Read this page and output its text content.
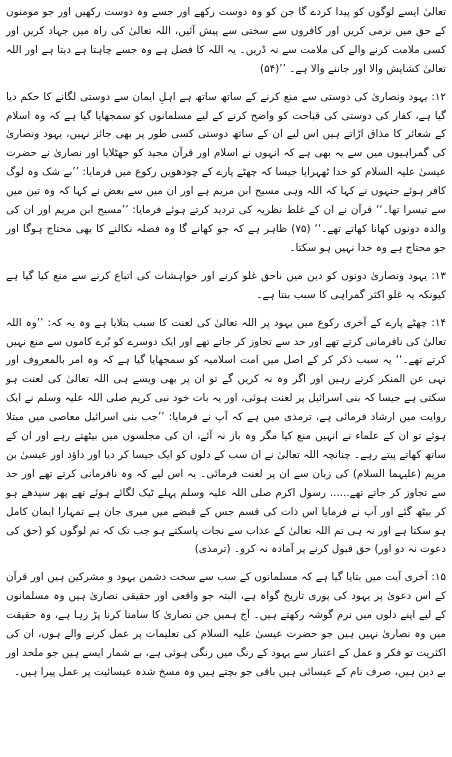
تعالیٰ ایسے لوگوں کو پیدا کردے گا جن کو وہ دوست رکھے اور جسے وہ دوست رکھیں اور جو مومنوں کے حق میں نرمی کریں اور کافروں سے سختی سے پیش آئیں، اللہ تعالیٰ کی راہ میں جہاد کریں اور کسی ملامت کرنے والے کی ملامت سے نہ ڈریں۔ یہ اللہ کا فضل ہے وہ جسے چاہتا ہے دیتا ہے اور اللہ تعالیٰ کشایش والا اور جاننے والا ہے۔ ’’(۵۴)

۱۲: یہود ونصاریٰ کی دوستی سے منع کرنے کے ساتھ ساتھ ہے اہلِ ایمان سے دوستی لگانے کا حکم دیا گیا ہے، کفار کی دوستی کی قباحت کو واضح کرنے کے لیے مسلمانوں کو سمجھایا گیا ہے کہ وہ اسلام کے شعائر کا مذاق اڑاتے ہیں اس لیے ان کے ساتھ دوستی کسی طور پر بھی جائز نہیں، یہود ونصاریٰ کی گمراہیوں میں سے یہ بھی ہے کہ انہوں نے اسلام اور قرآن مجید کو جھٹلایا اور نصاریٰ نے حضرت عیسیٰ علیہ السلام کو خدا ٹھہرایا جیسا کہ چھٹے پارے کے چودھویں رکوع میں فرمایا: ’’بے شک وہ لوگ کافر ہوئے جنہوں نے کہا کہ اللہ وہی مسیح ابن مریم ہے اور ان میں سے بعض نے کہا کہ وہ تین میں سے تیسرا تھا۔‘‘ قرآن نے ان کے غلط نظریہ کی تردید کرتے ہوئے فرمایا: ’’مسیح ابن مریم اور ان کی والدہ دونوں کھانا کھاتے تھے۔‘‘ (۷۵) ظاہر ہے کہ جو کھانے گا وہ فضلہ نکالنے کا بھی محتاج ہوگا اور جو محتاج ہے وہ خدا نہیں ہو سکتا۔

۱۳: یہود ونصاریٰ دونوں کو دین میں ناحق غلو کرنے اور خواہشات کی اتباع کرنے سے منع کیا گیا ہے کیونکہ یہ غلو اکثر گمراہی کا سبب بنتا ہے۔

۱۴: چھٹے پارے کے آخری رکوع میں یہود پر اللہ تعالیٰ کی لعنت کا سبب بتلایا ہے وہ یہ کہ: ’’وہ اللہ تعالیٰ کی نافرمانی کرتے تھے اور حد سے تجاوز کر جاتے تھے اور ایک دوسرے کو بُرے کاموں سے منع نہیں کرتے تھے۔‘‘ یہ سبب ذکر کر کے اصل میں امت اسلامیہ کو سمجھایا گیا ہے کہ وہ امر بالمعروف اور نہی عن المنکر کرتے رہیں اور اگر وہ نہ کریں گے تو ان پر بھی ویسے ہی اللہ تعالیٰ کی لعنت ہو سکتی ہے جیسا کہ بنی اسرائیل پر لعنت ہوئی، اور یہ بات خود نبی کریم صلی اللہ علیہ وسلم نے ایک روایت میں ارشاد فرمائی ہے، ترمذی میں ہے کہ آپ نے فرمایا: ’’جب بنی اسرائیل معاصی میں مبتلا ہوئے تو ان کے علماء نے انہیں منع کیا مگر وہ باز نہ آئے، ان کی مجلسوں میں بیٹھتے رہے اور ان کے ساتھ کھاتے پیتے رہے۔ چنانچہ اللہ تعالیٰ نے ان سب کے دلوں کو ایک جیسا کر دیا اور داؤد اور عیسیٰ بن مریم (علیہما السلام) کی زبان سے ان پر لعنت فرمائی۔ یہ اس لیے کہ وہ نافرمانی کرتے تھے اور حد سے تجاوز کر جاتے تھے...... رسول اکرم صلی اللہ علیہ وسلم پہلے ٹیک لگائے ہوئے تھے پھر سیدھے ہو کر بیٹھ گئے اور آپ نے فرمایا اس ذات کی قسم جس کے قبضے میں میری جان ہے تمہارا ایمان کامل ہو سکتا ہے اور نہ ہی تم اللہ تعالیٰ کے عذاب سے نجات پاسکتے ہو جب تک کہ تم لوگوں کو (حق کی دعوت نہ دو اور) حق قبول کرنے پر آمادہ نہ کرو۔ (ترمذی)

۱۵: آخری آیت میں بتایا گیا ہے کہ مسلمانوں کے سب سے سخت دشمن یہود و مشرکین ہیں اور قرآن کے اس دعویٰ پر یہود کی پوری تاریخ گواہ ہے، البتہ جو واقعی اور حقیقی نصاریٰ ہیں وہ مسلمانوں کے لیے اپنے دلوں میں نرم گوشہ رکھتے ہیں۔ آج ہمیں جن نصاریٰ کا سامنا کرنا پڑ رہا ہے، وہ حقیقت میں وہ نصاریٰ نہیں ہیں جو حضرت عیسیٰ علیہ السلام کی تعلیمات پر عمل کرنے والے ہوں، ان کی اکثریت تو فکر و عمل کے اعتبار سے یہود کے رنگ میں رنگی ہوئی ہے، بے شمار ایسے ہیں جو ملحد اور بے دین ہیں، صرف نام کے عیسائی ہیں باقی جو بچتے ہیں وہ مسخ شدہ عیسائیت پر عمل پیرا ہیں۔
